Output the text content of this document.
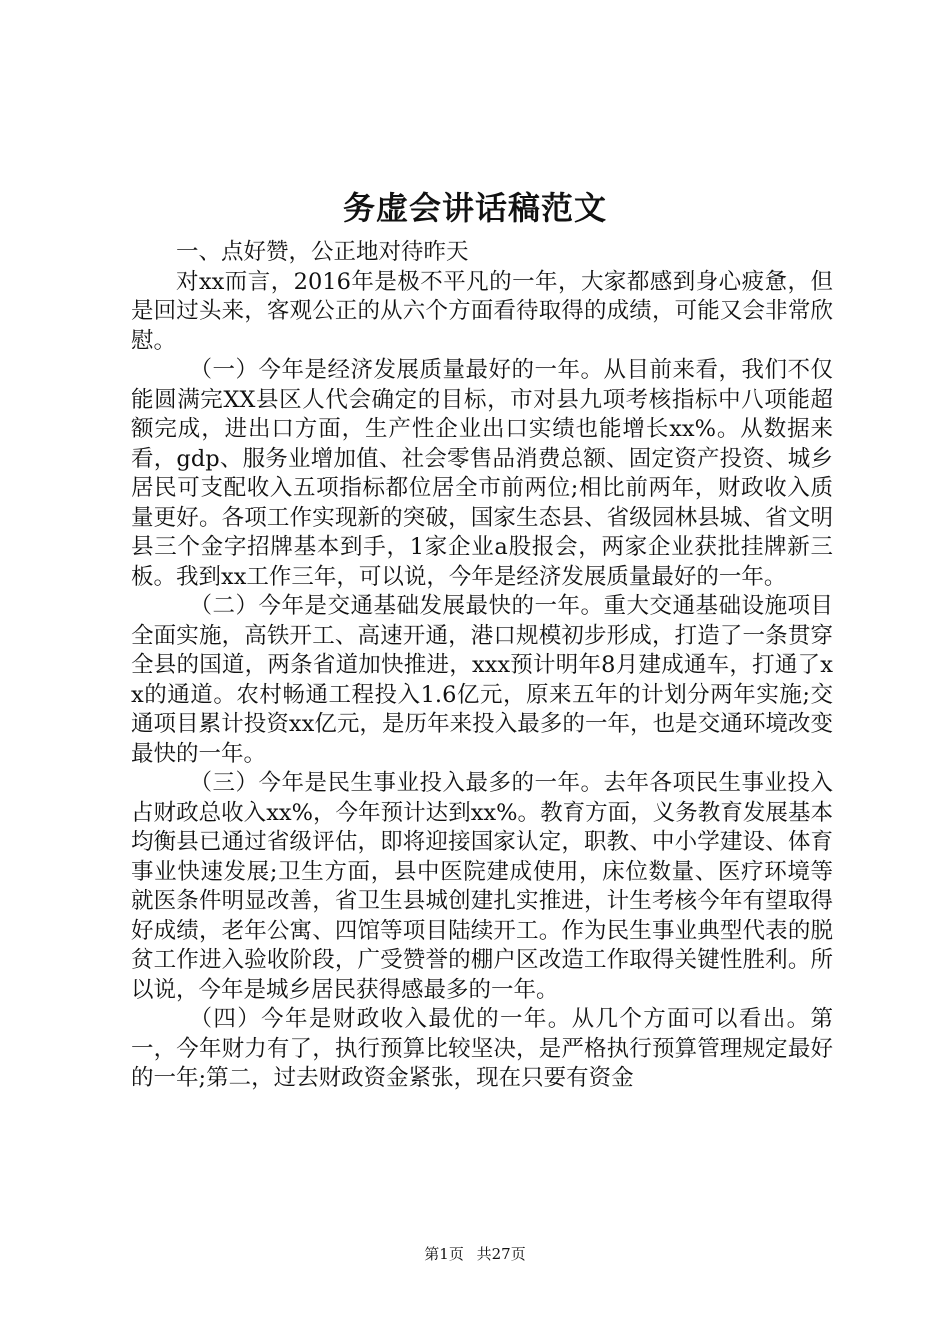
务虚会讲话稿范文

一、点好赞，公正地对待昨天

对xx而言，2016年是极不平凡的一年，大家都感到身心疲惫，但是回过头来，客观公正的从六个方面看待取得的成绩，可能又会非常欣慰。

（一）今年是经济发展质量最好的一年。从目前来看，我们不仅能圆满完XX县区人代会确定的目标，市对县九项考核指标中八项能超额完成，进出口方面，生产性企业出口实绩也能增长xx%。从数据来看，gdp、服务业增加值、社会零售品消费总额、固定资产投资、城乡居民可支配收入五项指标都位居全市前两位;相比前两年，财政收入质量更好。各项工作实现新的突破，国家生态县、省级园林县城、省文明县三个金字招牌基本到手，1家企业a股报会，两家企业获批挂牌新三板。我到xx工作三年，可以说，今年是经济发展质量最好的一年。

（二）今年是交通基础发展最快的一年。重大交通基础设施项目全面实施，高铁开工、高速开通，港口规模初步形成，打造了一条贯穿全县的国道，两条省道加快推进，xxx预计明年8月建成通车，打通了xx的通道。农村畅通工程投入1.6亿元，原来五年的计划分两年实施;交通项目累计投资xx亿元，是历年来投入最多的一年，也是交通环境改变最快的一年。

（三）今年是民生事业投入最多的一年。去年各项民生事业投入占财政总收入xx%，今年预计达到xx%。教育方面，义务教育发展基本均衡县已通过省级评估，即将迎接国家认定，职教、中小学建设、体育事业快速发展;卫生方面，县中医院建成使用，床位数量、医疗环境等就医条件明显改善，省卫生县城创建扎实推进，计生考核今年有望取得好成绩，老年公寓、四馆等项目陆续开工。作为民生事业典型代表的脱贫工作进入验收阶段，广受赞誉的棚户区改造工作取得关键性胜利。所以说，今年是城乡居民获得感最多的一年。

（四）今年是财政收入最优的一年。从几个方面可以看出。第一，今年财力有了，执行预算比较坚决，是严格执行预算管理规定最好的一年;第二，过去财政资金紧张，现在只要有资金

第1页 共27页
